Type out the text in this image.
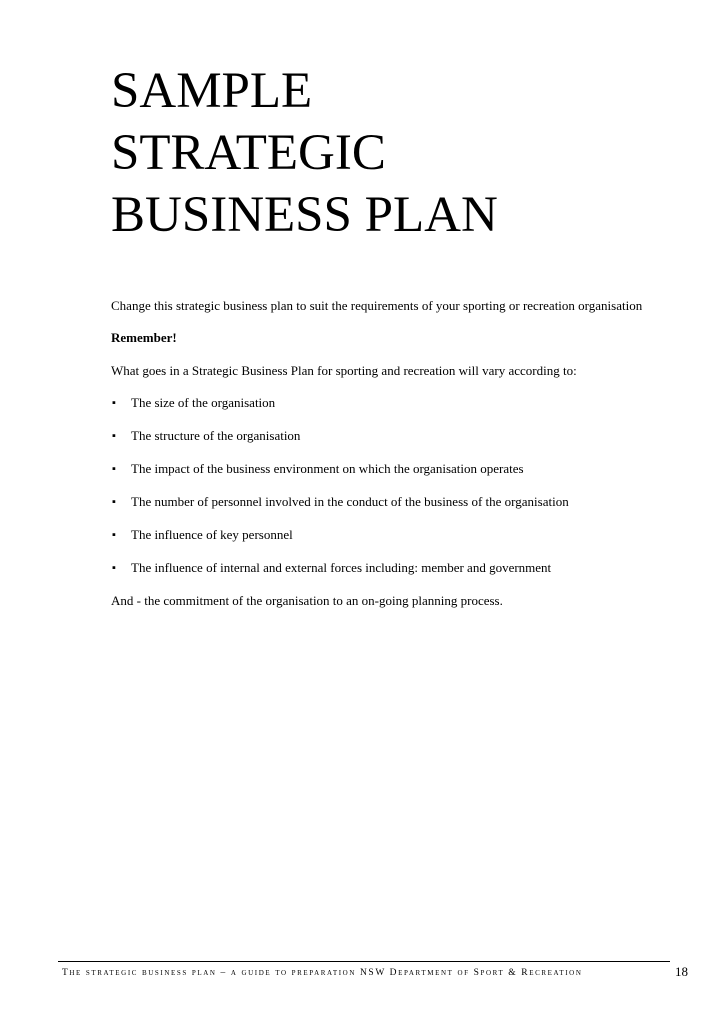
SAMPLE
STRATEGIC
BUSINESS PLAN

Change this strategic business plan to suit the requirements of your sporting or recreation organisation

Remember!

What goes in a Strategic Business Plan for sporting and recreation will vary according to:

▪ The size of the organisation
▪ The structure of the organisation
▪ The impact of the business environment on which the organisation operates
▪ The number of personnel involved in the conduct of the business of the organisation
▪ The influence of key personnel
▪ The influence of internal and external forces including: member and government

And - the commitment of the organisation to an on-going planning process.

The strategic business plan – a guide to preparation NSW Department of Sport & Recreation	18
